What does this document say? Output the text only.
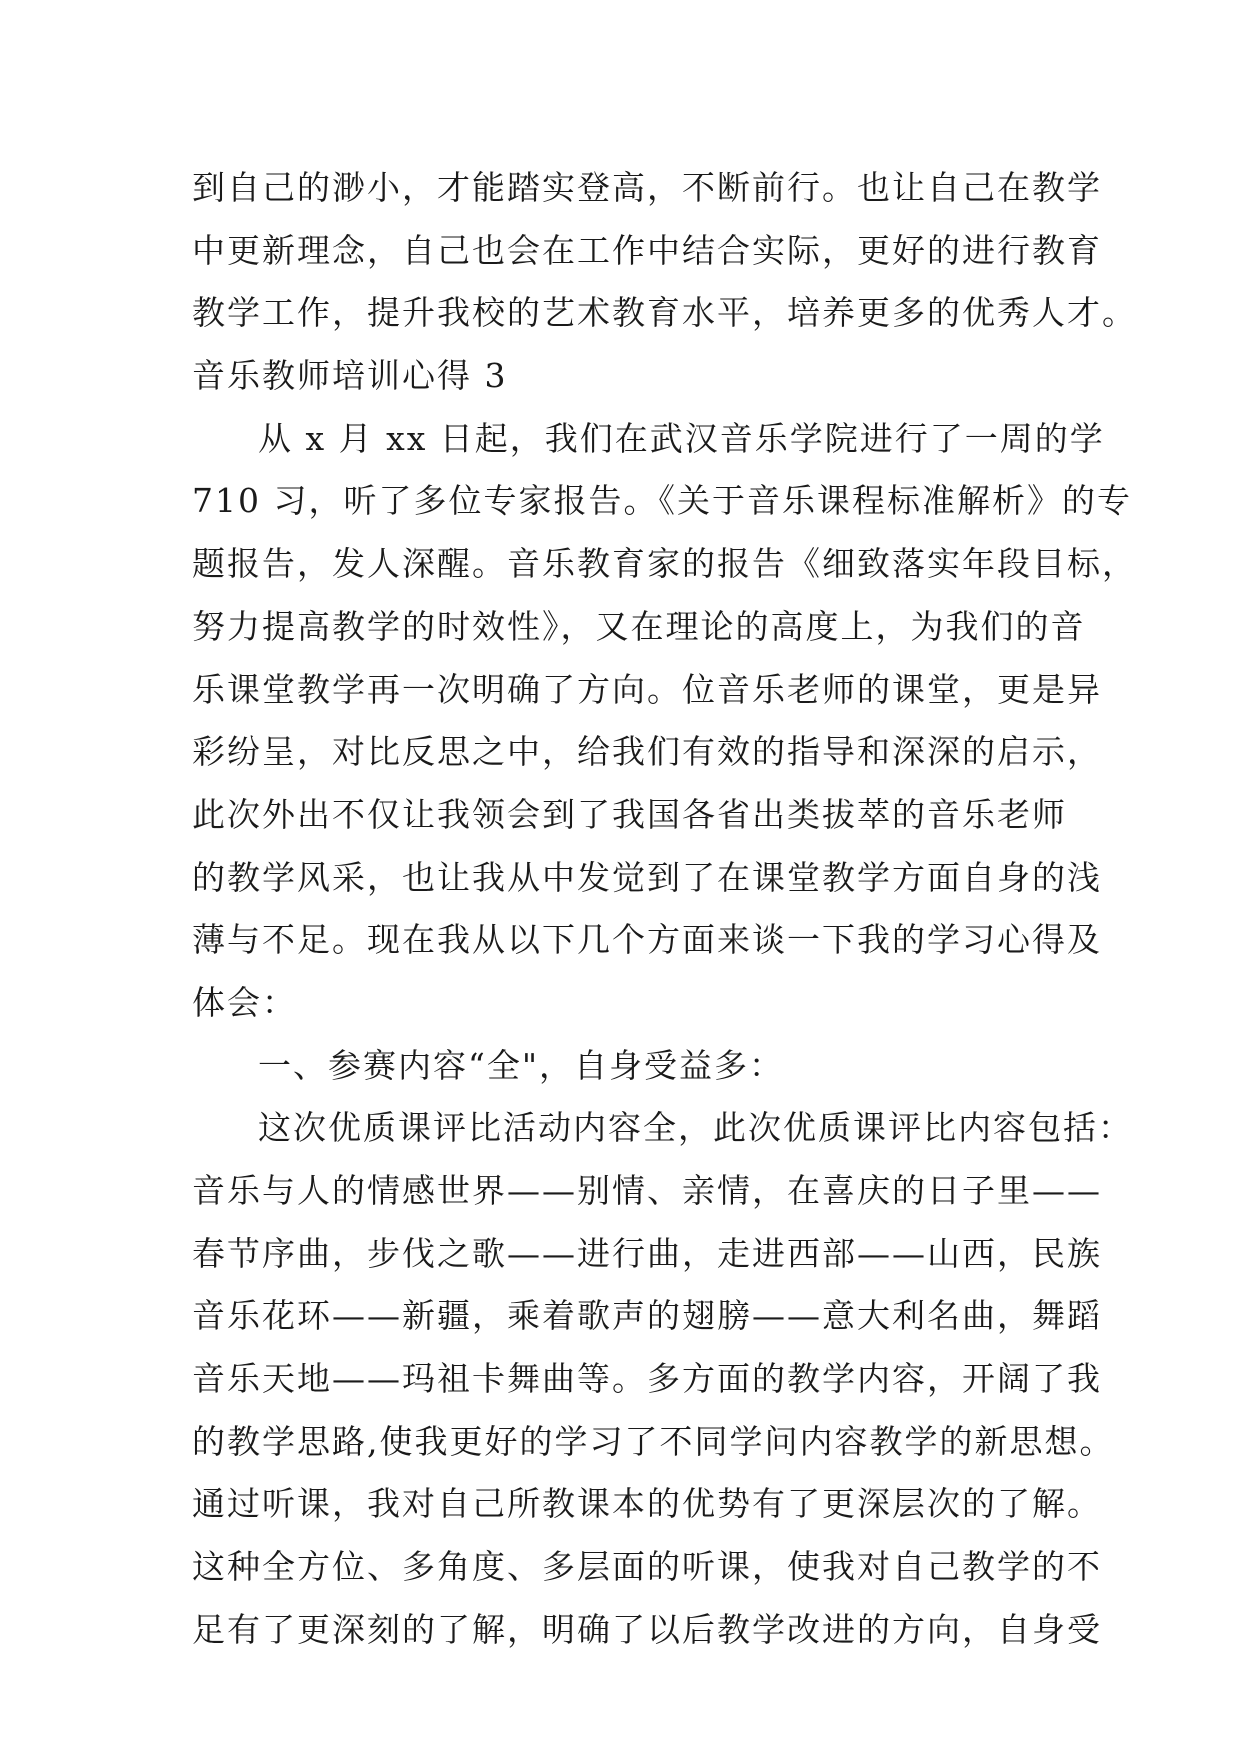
到自己的渺小，才能踏实登高，不断前行。也让自己在教学
中更新理念，自己也会在工作中结合实际，更好的进行教育
教学工作，提升我校的艺术教育水平，培养更多的优秀人才。
音乐教师培训心得 3
从 x 月 xx 日起，我们在武汉音乐学院进行了一周的学
710 习，听了多位专家报告。《关于音乐课程标准解析》的专
题报告，发人深醒。音乐教育家的报告《细致落实年段目标，
努力提高教学的时效性》，又在理论的高度上，为我们的音
乐课堂教学再一次明确了方向。位音乐老师的课堂，更是异
彩纷呈，对比反思之中，给我们有效的指导和深深的启示，
此次外出不仅让我领会到了我国各省出类拔萃的音乐老师
的教学风采，也让我从中发觉到了在课堂教学方面自身的浅
薄与不足。现在我从以下几个方面来谈一下我的学习心得及
体会：
一、参赛内容“全"，自身受益多：
这次优质课评比活动内容全，此次优质课评比内容包括：
音乐与人的情感世界——别情、亲情，在喜庆的日子里——
春节序曲，步伐之歌——进行曲，走进西部——山西，民族
音乐花环——新疆，乘着歌声的翅膀——意大利名曲，舞蹈
音乐天地——玛祖卡舞曲等。多方面的教学内容，开阔了我
的教学思路,使我更好的学习了不同学问内容教学的新思想。
通过听课，我对自己所教课本的优势有了更深层次的了解。
这种全方位、多角度、多层面的听课，使我对自己教学的不
足有了更深刻的了解，明确了以后教学改进的方向，自身受
